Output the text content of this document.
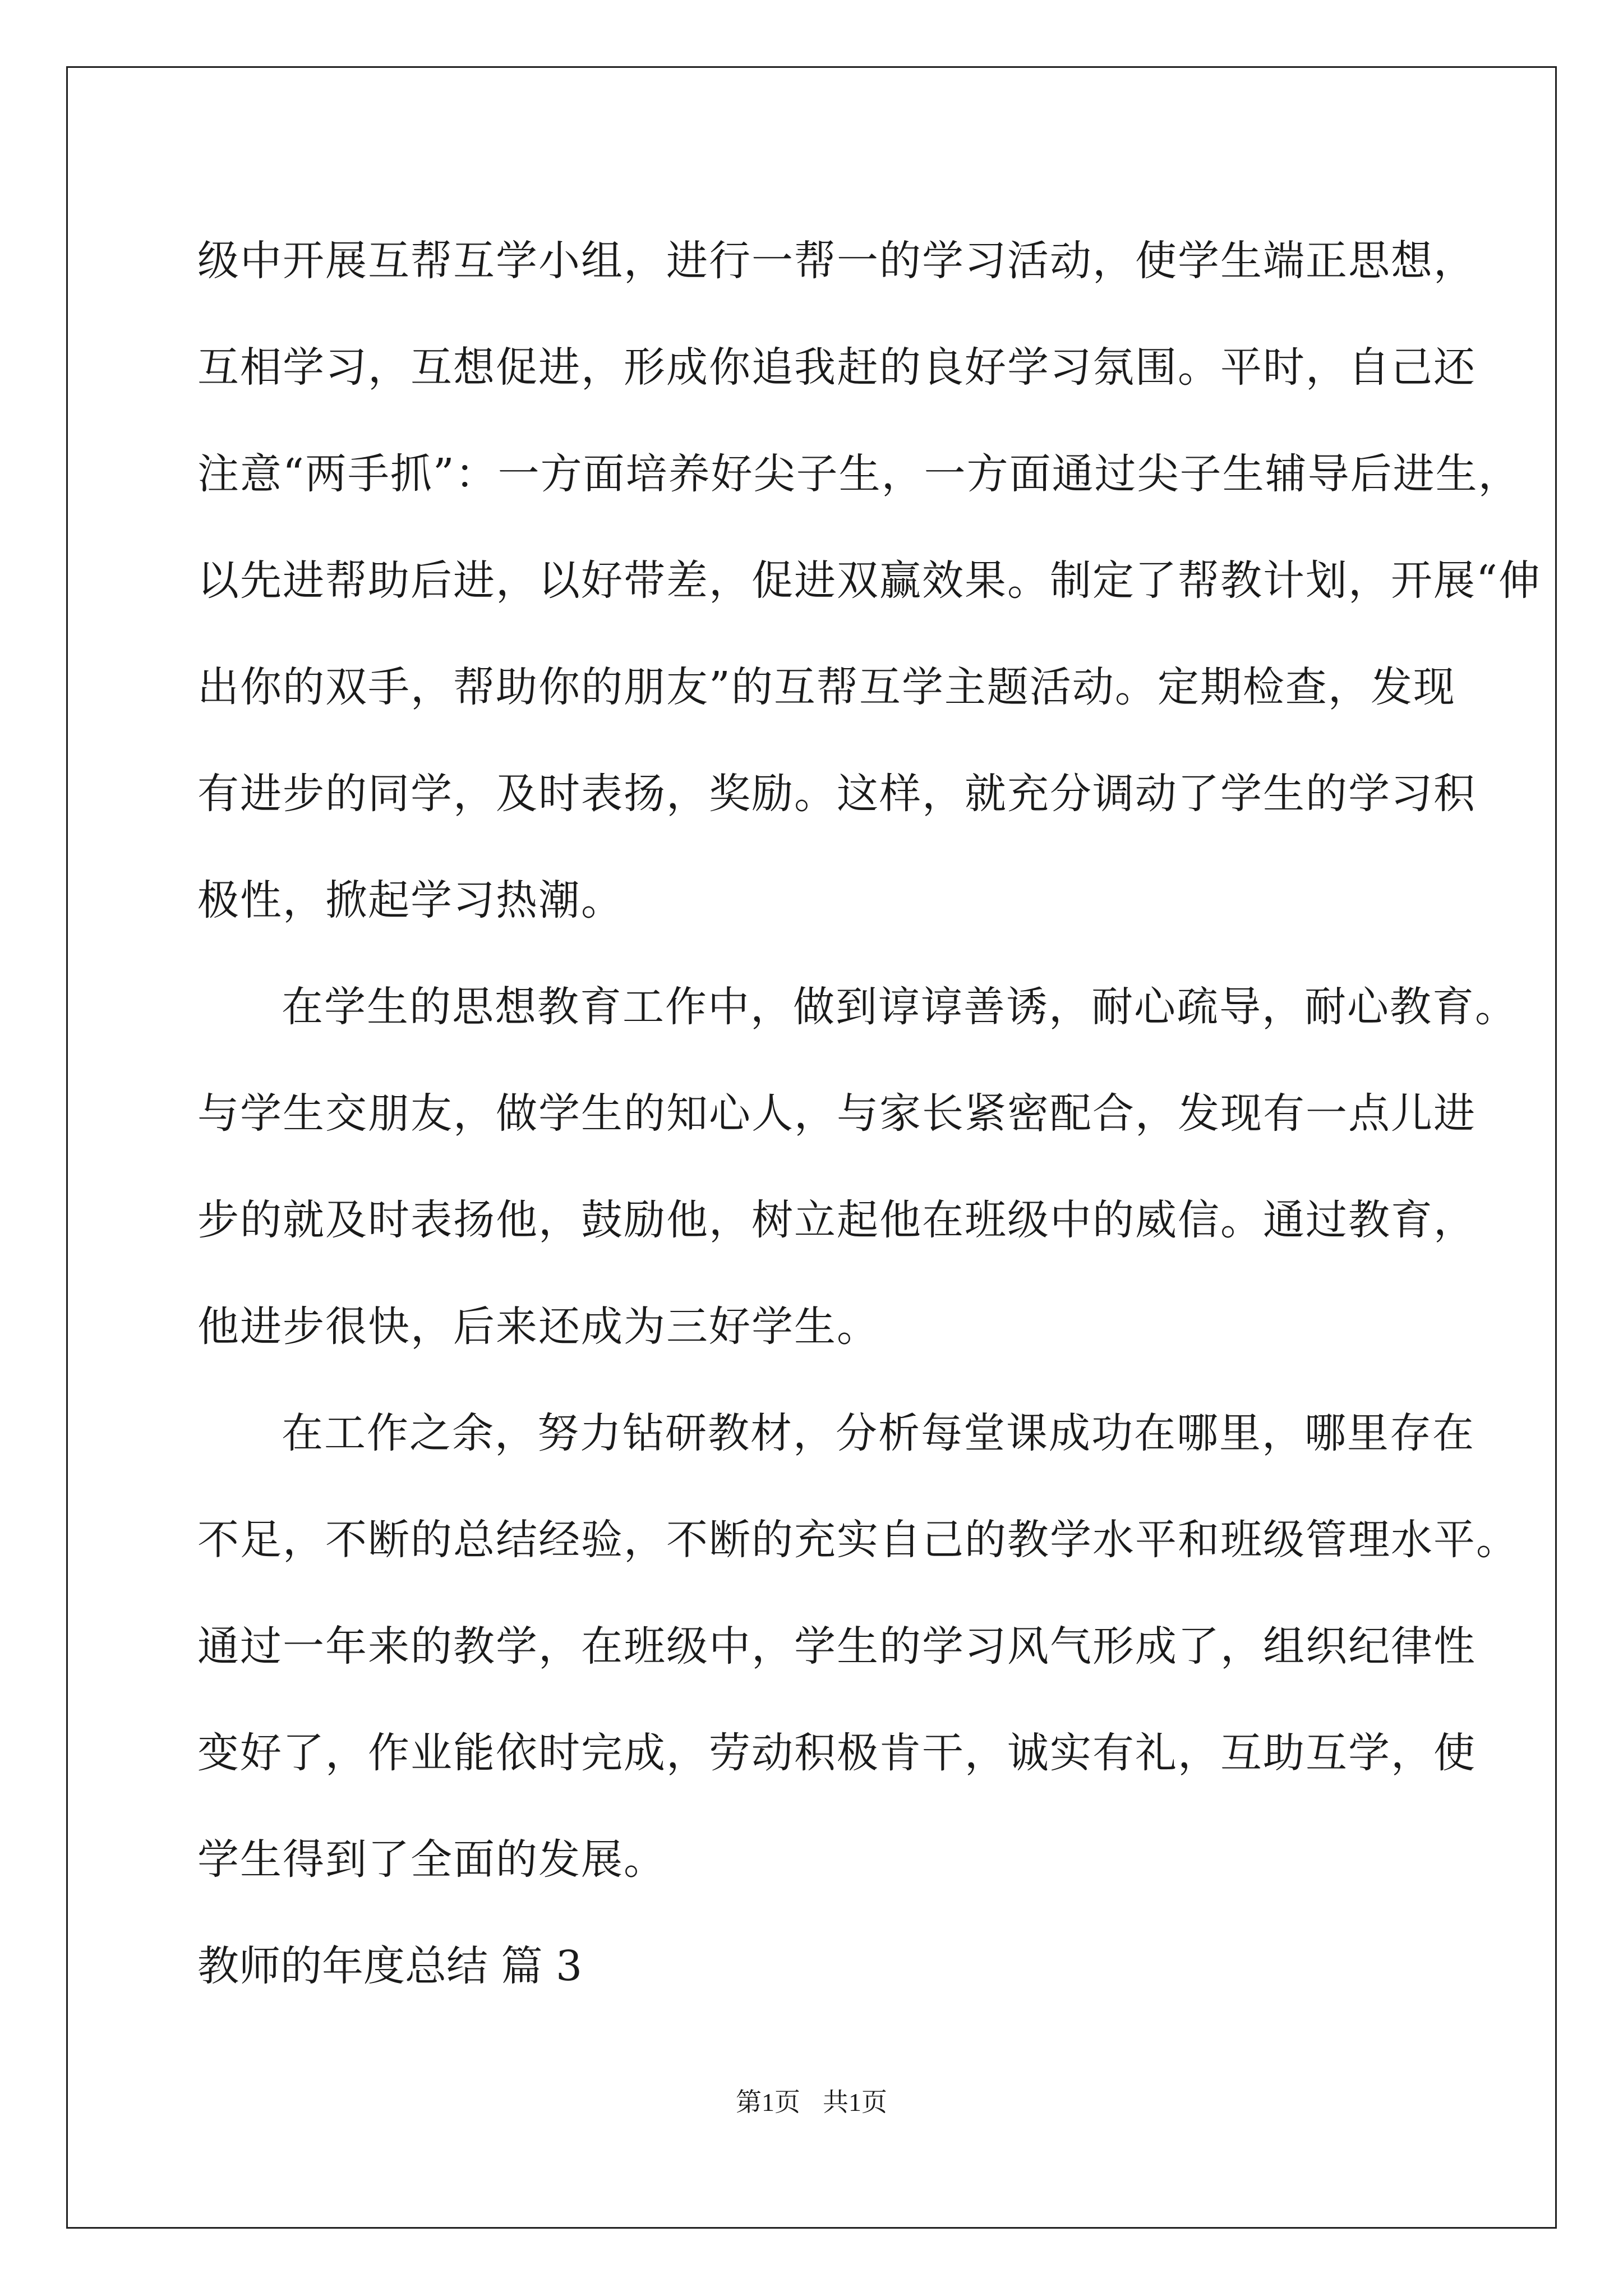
级中开展互帮互学小组，进行一帮一的学习活动，使学生端正思想，
互相学习，互想促进，形成你追我赶的良好学习氛围。平时，自己还
注意“两手抓”：一方面培养好尖子生，一方面通过尖子生辅导后进生，
以先进帮助后进，以好带差，促进双赢效果。制定了帮教计划，开展“伸
出你的双手，帮助你的朋友”的互帮互学主题活动。定期检查，发现
有进步的同学，及时表扬，奖励。这样，就充分调动了学生的学习积
极性，掀起学习热潮。
在学生的思想教育工作中，做到谆谆善诱，耐心疏导，耐心教育。
与学生交朋友，做学生的知心人，与家长紧密配合，发现有一点儿进
步的就及时表扬他，鼓励他，树立起他在班级中的威信。通过教育，
他进步很快，后来还成为三好学生。
在工作之余，努力钻研教材，分析每堂课成功在哪里，哪里存在
不足，不断的总结经验，不断的充实自己的教学水平和班级管理水平。
通过一年来的教学，在班级中，学生的学习风气形成了，组织纪律性
变好了，作业能依时完成，劳动积极肯干，诚实有礼，互助互学，使
学生得到了全面的发展。
教师的年度总结 篇 3
第1页 共1页
